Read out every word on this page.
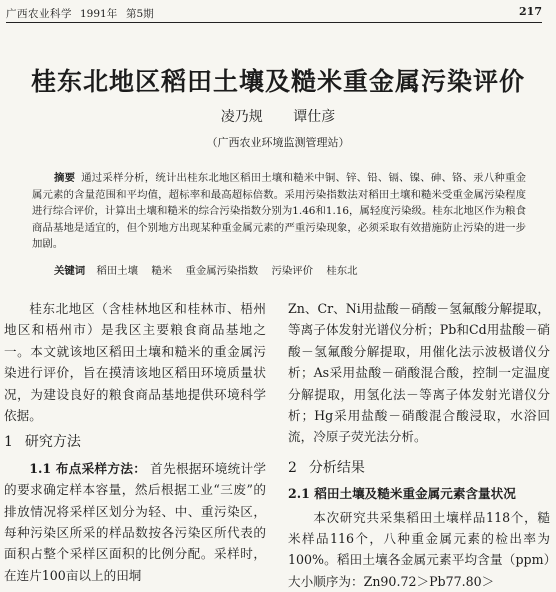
广西农业科学 1991年 第5期	217
桂东北地区稻田土壤及糙米重金属污染评价
凌乃规 谭仕彦
（广西农业环境监测管理站）
摘要 通过采样分析，统计出桂东北地区稻田土壤和糙米中铜、锌、铅、镉、镍、砷、铬、汞八种重金属元素的含量范围和平均值，超标率和最高超标倍数。采用污染指数法对稻田土壤和糙米受重金属污染程度进行综合评价，计算出土壤和糙米的综合污染指数分别为1.46和1.16，属轻度污染级。桂东北地区作为粮食商品基地是适宜的，但个别地方出现某种重金属元素的严重污染现象，必须采取有效措施防止污染的进一步加剧。
关键词 稻田土壤 糙米 重金属污染指数 污染评价 桂东北

桂东北地区（含桂林地区和桂林市、梧州地区和梧州市）是我区主要粮食商品基地之一。本文就该地区稻田土壤和糙米的重金属污染进行评价，旨在摸清该地区稻田环境质量状况，为建设良好的粮食商品基地提供环境科学依据。

1 研究方法

1.1 布点采样方法： 首先根据环境统计学的要求确定样本容量，然后根据工业“三废”的排放情况将采样区划分为轻、中、重污染区，每种污染区所采的样品数按各污染区所代表的面积占整个采样区面积的比例分配。采样时，在连片100亩以上的田垌

Zn、Cr、Ni用盐酸－硝酸－氢氟酸分解提取，等离子体发射光谱仪分析；Pb和Cd用盐酸－硝酸－氢氟酸分解提取，用催化法示波极谱仪分析；As采用盐酸－硝酸混合酸，控制一定温度分解提取，用氢化法－等离子体发射光谱仪分析；Hg采用盐酸－硝酸混合酸浸取，水浴回流，冷原子荧光法分析。

2 分析结果
2.1 稻田土壤及糙米重金属元素含量状况

本次研究共采集稻田土壤样品118个，糙米样品116个，八种重金属元素的检出率为100%。稻田土壤各金属元素平均含量（ppm）大小顺序为：Zn90.72＞Pb77.80＞
